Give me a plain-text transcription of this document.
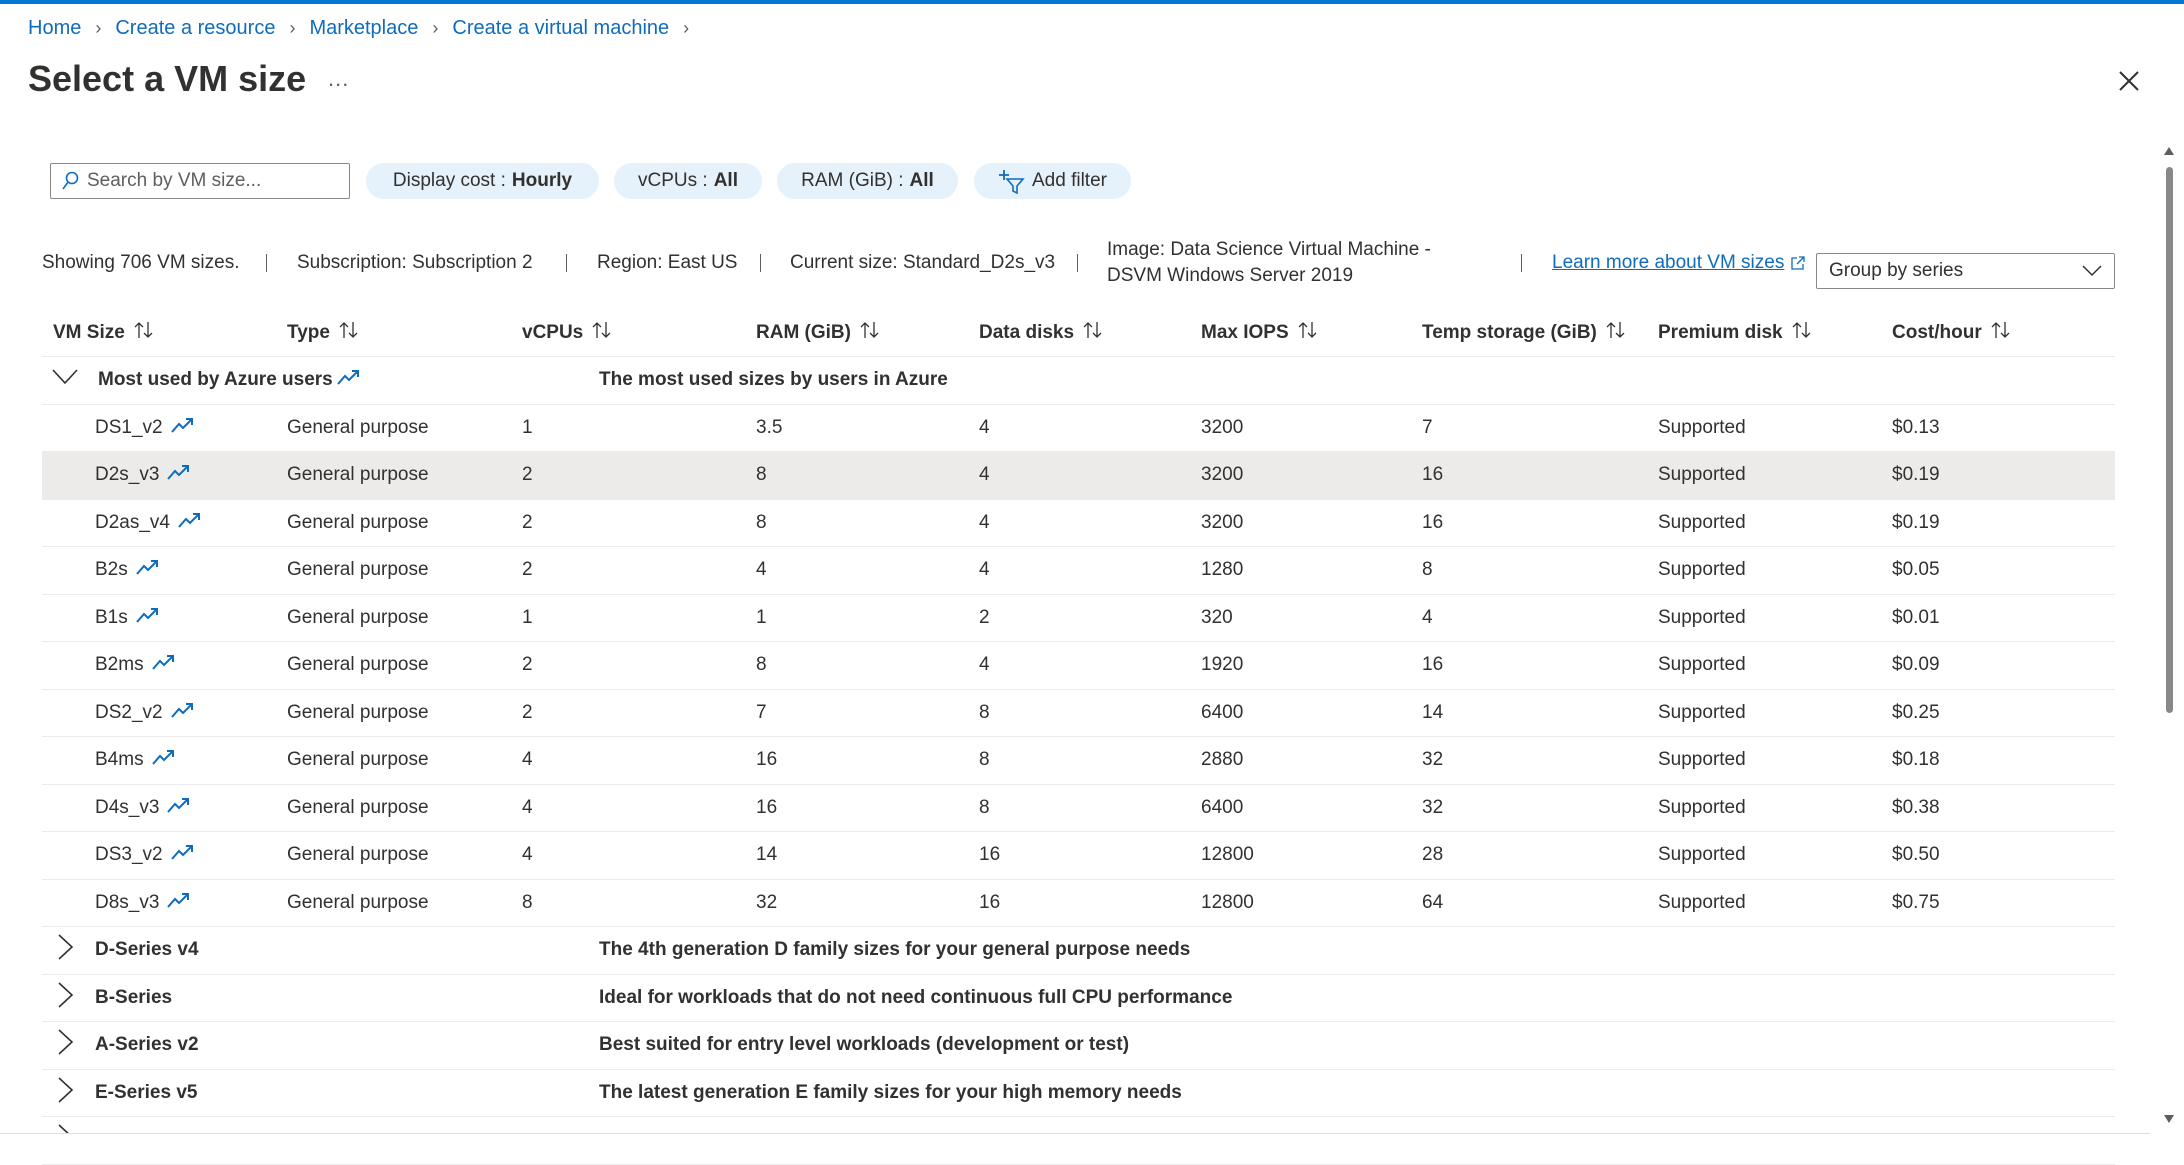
Home › Create a resource › Marketplace › Create a virtual machine ›
Select a VM size ...
Search by VM size...
Display cost : Hourly	vCPUs : All	RAM (GiB) : All	Add filter
Showing 706 VM sizes.	Subscription: Subscription 2	Region: East US	Current size: Standard_D2s_v3
Image: Data Science Virtual Machine -
DSVM Windows Server 2019
Learn more about VM sizes Group by series
VM Size	Type	vCPUs	RAM (GiB)	Data disks	Max IOPS	Temp storage (GiB)	Premium disk	Cost/hour
Most used by Azure users	The most used sizes by users in Azure
DS1_v2	General purpose	1	3.5	4	3200	7	Supported	$0.13
D2s_v3	General purpose	2	8	4	3200	16	Supported	$0.19
D2as_v4	General purpose	2	8	4	3200	16	Supported	$0.19
B2s	General purpose	2	4	4	1280	8	Supported	$0.05
B1s	General purpose	1	1	2	320	4	Supported	$0.01
B2ms	General purpose	2	8	4	1920	16	Supported	$0.09
DS2_v2	General purpose	2	7	8	6400	14	Supported	$0.25
B4ms	General purpose	4	16	8	2880	32	Supported	$0.18
D4s_v3	General purpose	4	16	8	6400	32	Supported	$0.38
DS3_v2	General purpose	4	14	16	12800	28	Supported	$0.50
D8s_v3	General purpose	8	32	16	12800	64	Supported	$0.75
D-Series v4	The 4th generation D family sizes for your general purpose needs
B-Series	Ideal for workloads that do not need continuous full CPU performance
A-Series v2	Best suited for entry level workloads (development or test)
E-Series v5	The latest generation E family sizes for your high memory needs
